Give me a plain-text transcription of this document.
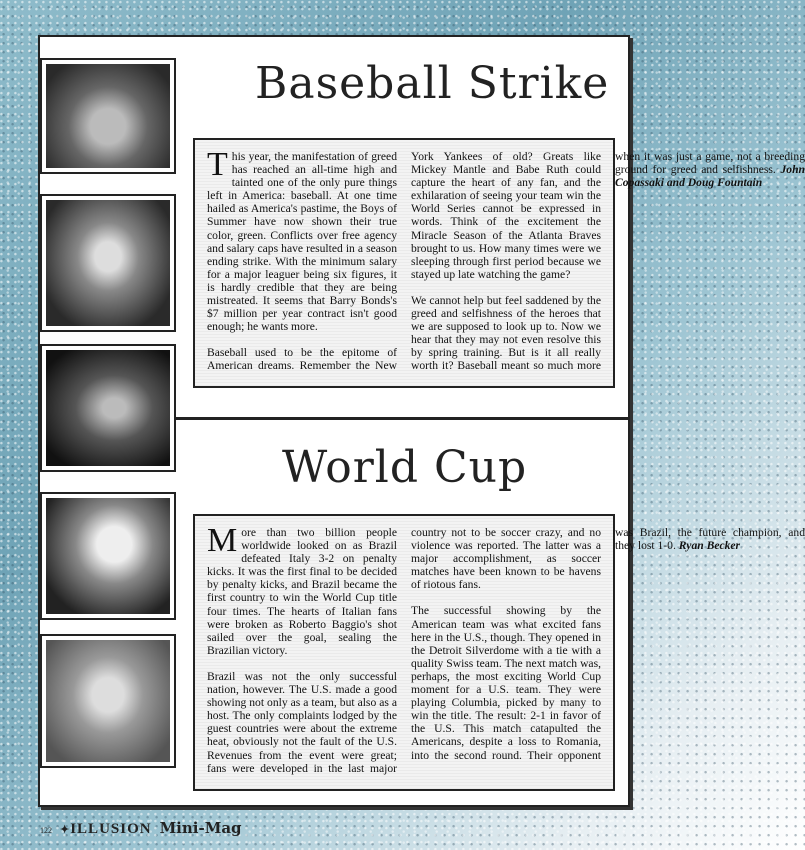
Baseball Strike

This year, the manifestation of greed has reached an all-time high and tainted one of the only pure things left in America: baseball. At one time hailed as America's pastime, the Boys of Summer have now shown their true color, green. Conflicts over free agency and salary caps have resulted in a season ending strike. With the minimum salary for a major leaguer being six figures, it is hardly credible that they are being mistreated. It seems that Barry Bonds's $7 million per year contract isn't good enough; he wants more.

Baseball used to be the epitome of American dreams. Remember the New York Yankees of old? Greats like Mickey Mantle and Babe Ruth could capture the heart of any fan, and the exhilaration of seeing your team win the World Series cannot be expressed in words. Think of the excitement the Miracle Season of the Atlanta Braves brought to us. How many times were we sleeping through first period because we stayed up late watching the game?

We cannot help but feel saddened by the greed and selfishness of the heroes that we are supposed to look up to. Now we hear that they may not even resolve this by spring training. But is it all really worth it? Baseball meant so much more when it was just a game, not a breeding ground for greed and selfishness. John Copassaki and Doug Fountain

World Cup

More than two billion people worldwide looked on as Brazil defeated Italy 3-2 on penalty kicks. It was the first final to be decided by penalty kicks, and Brazil became the first country to win the World Cup title four times. The hearts of Italian fans were broken as Roberto Baggio's shot sailed over the goal, sealing the Brazilian victory.

Brazil was not the only successful nation, however. The U.S. made a good showing not only as a team, but also as a host. The only complaints lodged by the guest countries were about the extreme heat, obviously not the fault of the U.S. Revenues from the event were great; fans were developed in the last major country not to be soccer crazy, and no violence was reported. The latter was a major accomplishment, as soccer matches have been known to be havens of riotous fans.

The successful showing by the American team was what excited fans here in the U.S., though. They opened in the Detroit Silverdome with a tie with a quality Swiss team. The next match was, perhaps, the most exciting World Cup moment for a U.S. team. They were playing Columbia, picked by many to win the title. The result: 2-1 in favor of the U.S. This match catapulted the Americans, despite a loss to Romania, into the second round. Their opponent was Brazil, the future champion, and they lost 1-0. Ryan Becker

122 ✦ILLUSION Mini-Mag
